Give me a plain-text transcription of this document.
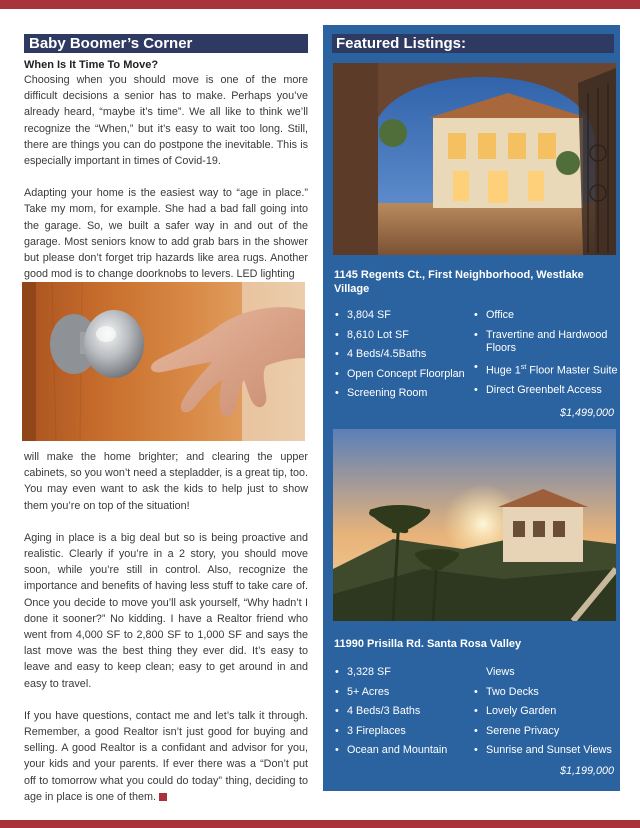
Baby Boomer’s Corner
When Is It Time To Move?

Choosing when you should move is one of the more difficult decisions a senior has to make. Perhaps you’ve already heard, “maybe it’s time”. We all like to think we’ll recognize the “When,” but it’s easy to wait too long. Still, there are things you can do postpone the inevitable. This is especially important in times of Covid-19.

Adapting your home is the easiest way to “age in place.” Take my mom, for example. She had a bad fall going into the garage. So, we built a safer way in and out of the garage. Most seniors know to add grab bars in the shower but please don’t forget trip hazards like area rugs. Another good mod is to change doorknobs to levers. LED lighting

will make the home brighter; and clearing the upper cabinets, so you won’t need a stepladder, is a great tip, too. You may even want to ask the kids to help just to show them you’re on top of the situation!

Aging in place is a big deal but so is being proactive and realistic. Clearly if you’re in a 2 story, you should move soon, while you’re still in control. Also, recognize the importance and benefits of having less stuff to take care of. Once you decide to move you’ll ask yourself, “Why hadn’t I done it sooner?” No kidding. I have a Realtor friend who went from 4,000 SF to 2,800 SF to 1,000 SF and says the last move was the best thing they ever did. It’s easy to leave and easy to keep clean; easy to get around in and easy to travel.

If you have questions, contact me and let’s talk it through. Remember, a good Realtor isn’t just good for buying and selling. A good Realtor is a confidant and advisor for you, your kids and your parents. If ever there was a “Don’t put off to tomorrow what you could do today” thing, deciding to age in place is one of them.

Featured Listings:
1145 Regents Ct., First Neighborhood, Westlake Village
• 3,804 SF
• 8,610 Lot SF
• 4 Beds/4.5Baths
• Open Concept Floorplan
• Screening Room
• Office
• Travertine and Hardwood Floors
• Huge 1st Floor Master Suite
• Direct Greenbelt Access
$1,499,000
11990 Prisilla Rd. Santa Rosa Valley
• 3,328 SF
• 5+ Acres
• 4 Beds/3 Baths
• 3 Fireplaces
• Ocean and Mountain
Views
• Two Decks
• Lovely Garden
• Serene Privacy
• Sunrise and Sunset Views
$1,199,000
